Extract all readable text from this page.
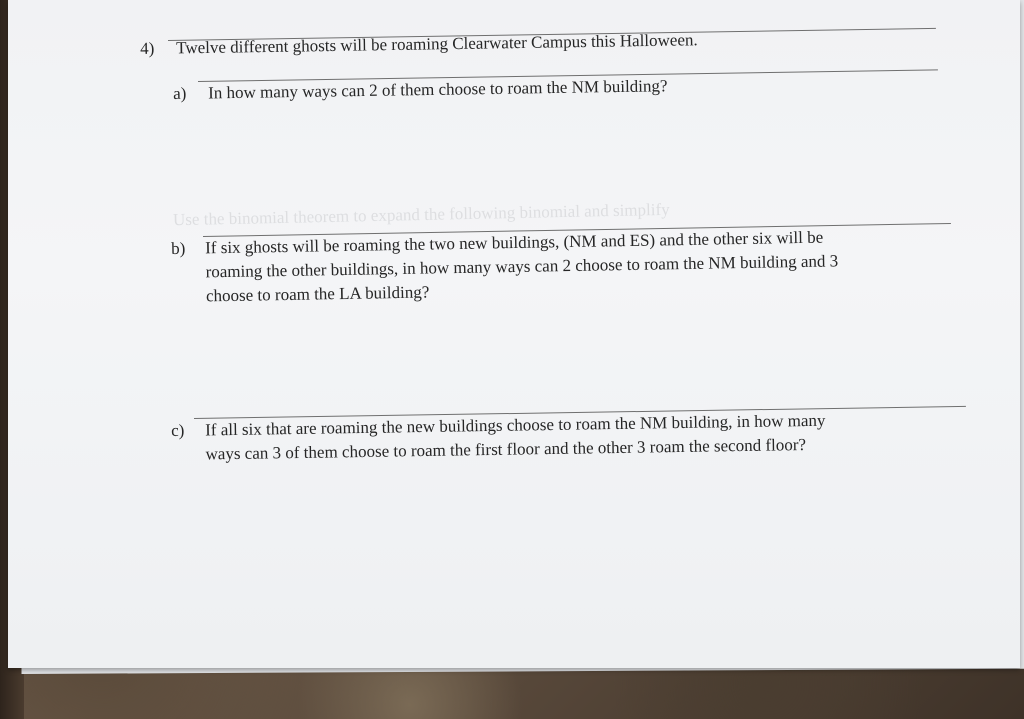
Use the binomial theorem to expand the following binomial and simplify
4) Twelve different ghosts will be roaming Clearwater Campus this Halloween.
a) In how many ways can 2 of them choose to roam the NM building?
b) If six ghosts will be roaming the two new buildings, (NM and ES) and the other six will be
roaming the other buildings, in how many ways can 2 choose to roam the NM building and 3
choose to roam the LA building?
c) If all six that are roaming the new buildings choose to roam the NM building, in how many
ways can 3 of them choose to roam the first floor and the other 3 roam the second floor?
